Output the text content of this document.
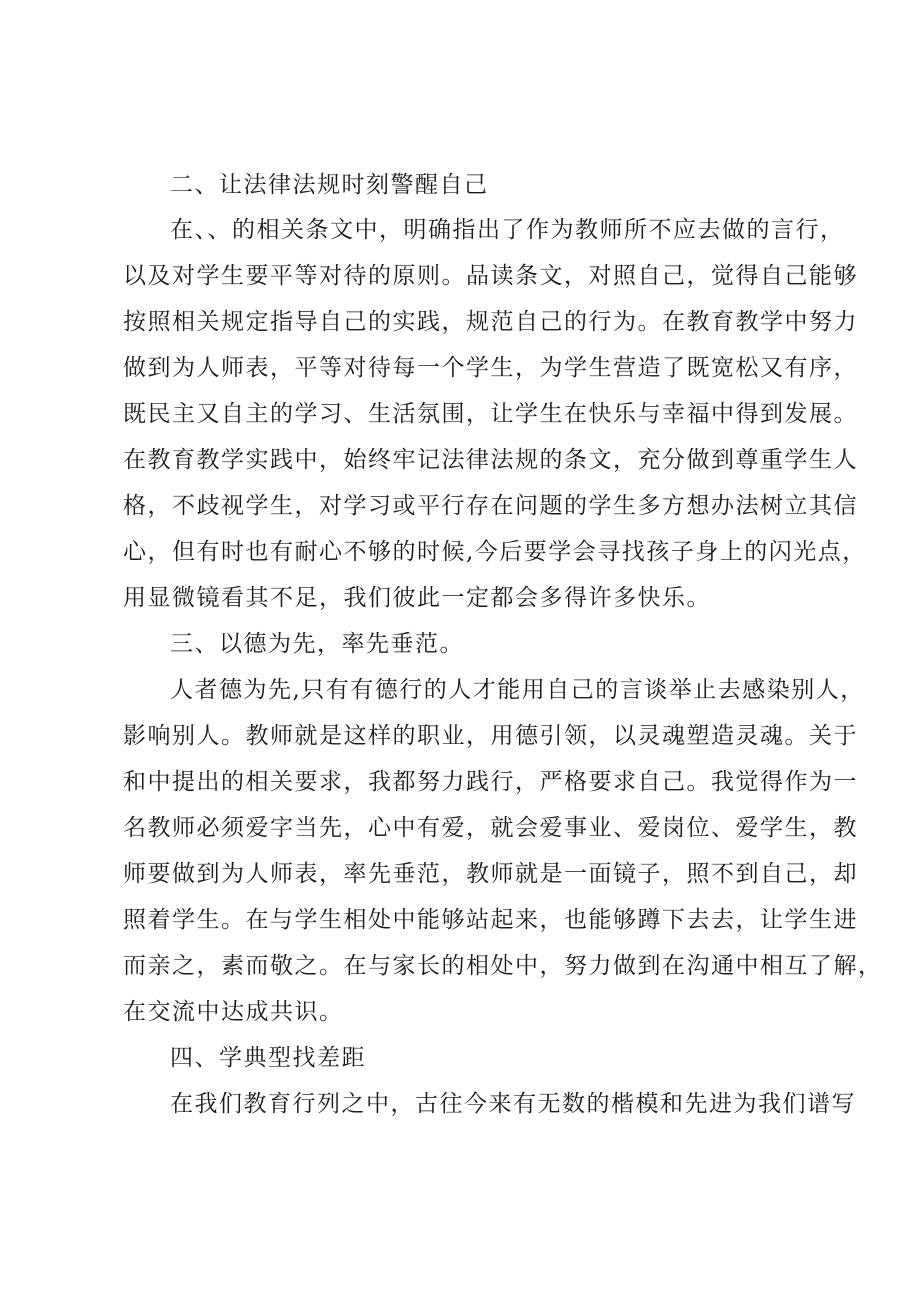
二、让法律法规时刻警醒自己
在、、的相关条文中，明确指出了作为教师所不应去做的言行，
以及对学生要平等对待的原则。品读条文，对照自己，觉得自己能够
按照相关规定指导自己的实践，规范自己的行为。在教育教学中努力
做到为人师表，平等对待每一个学生，为学生营造了既宽松又有序，
既民主又自主的学习、生活氛围，让学生在快乐与幸福中得到发展。
在教育教学实践中，始终牢记法律法规的条文，充分做到尊重学生人
格，不歧视学生，对学习或平行存在问题的学生多方想办法树立其信
心，但有时也有耐心不够的时候,今后要学会寻找孩子身上的闪光点，
用显微镜看其不足，我们彼此一定都会多得许多快乐。
三、以德为先，率先垂范。
人者德为先,只有有德行的人才能用自己的言谈举止去感染别人，
影响别人。教师就是这样的职业，用德引领，以灵魂塑造灵魂。关于
和中提出的相关要求，我都努力践行，严格要求自己。我觉得作为一
名教师必须爱字当先，心中有爱，就会爱事业、爱岗位、爱学生，教
师要做到为人师表，率先垂范，教师就是一面镜子，照不到自己，却
照着学生。在与学生相处中能够站起来，也能够蹲下去去，让学生进
而亲之，素而敬之。在与家长的相处中，努力做到在沟通中相互了解，
在交流中达成共识。
四、学典型找差距
在我们教育行列之中，古往今来有无数的楷模和先进为我们谱写
